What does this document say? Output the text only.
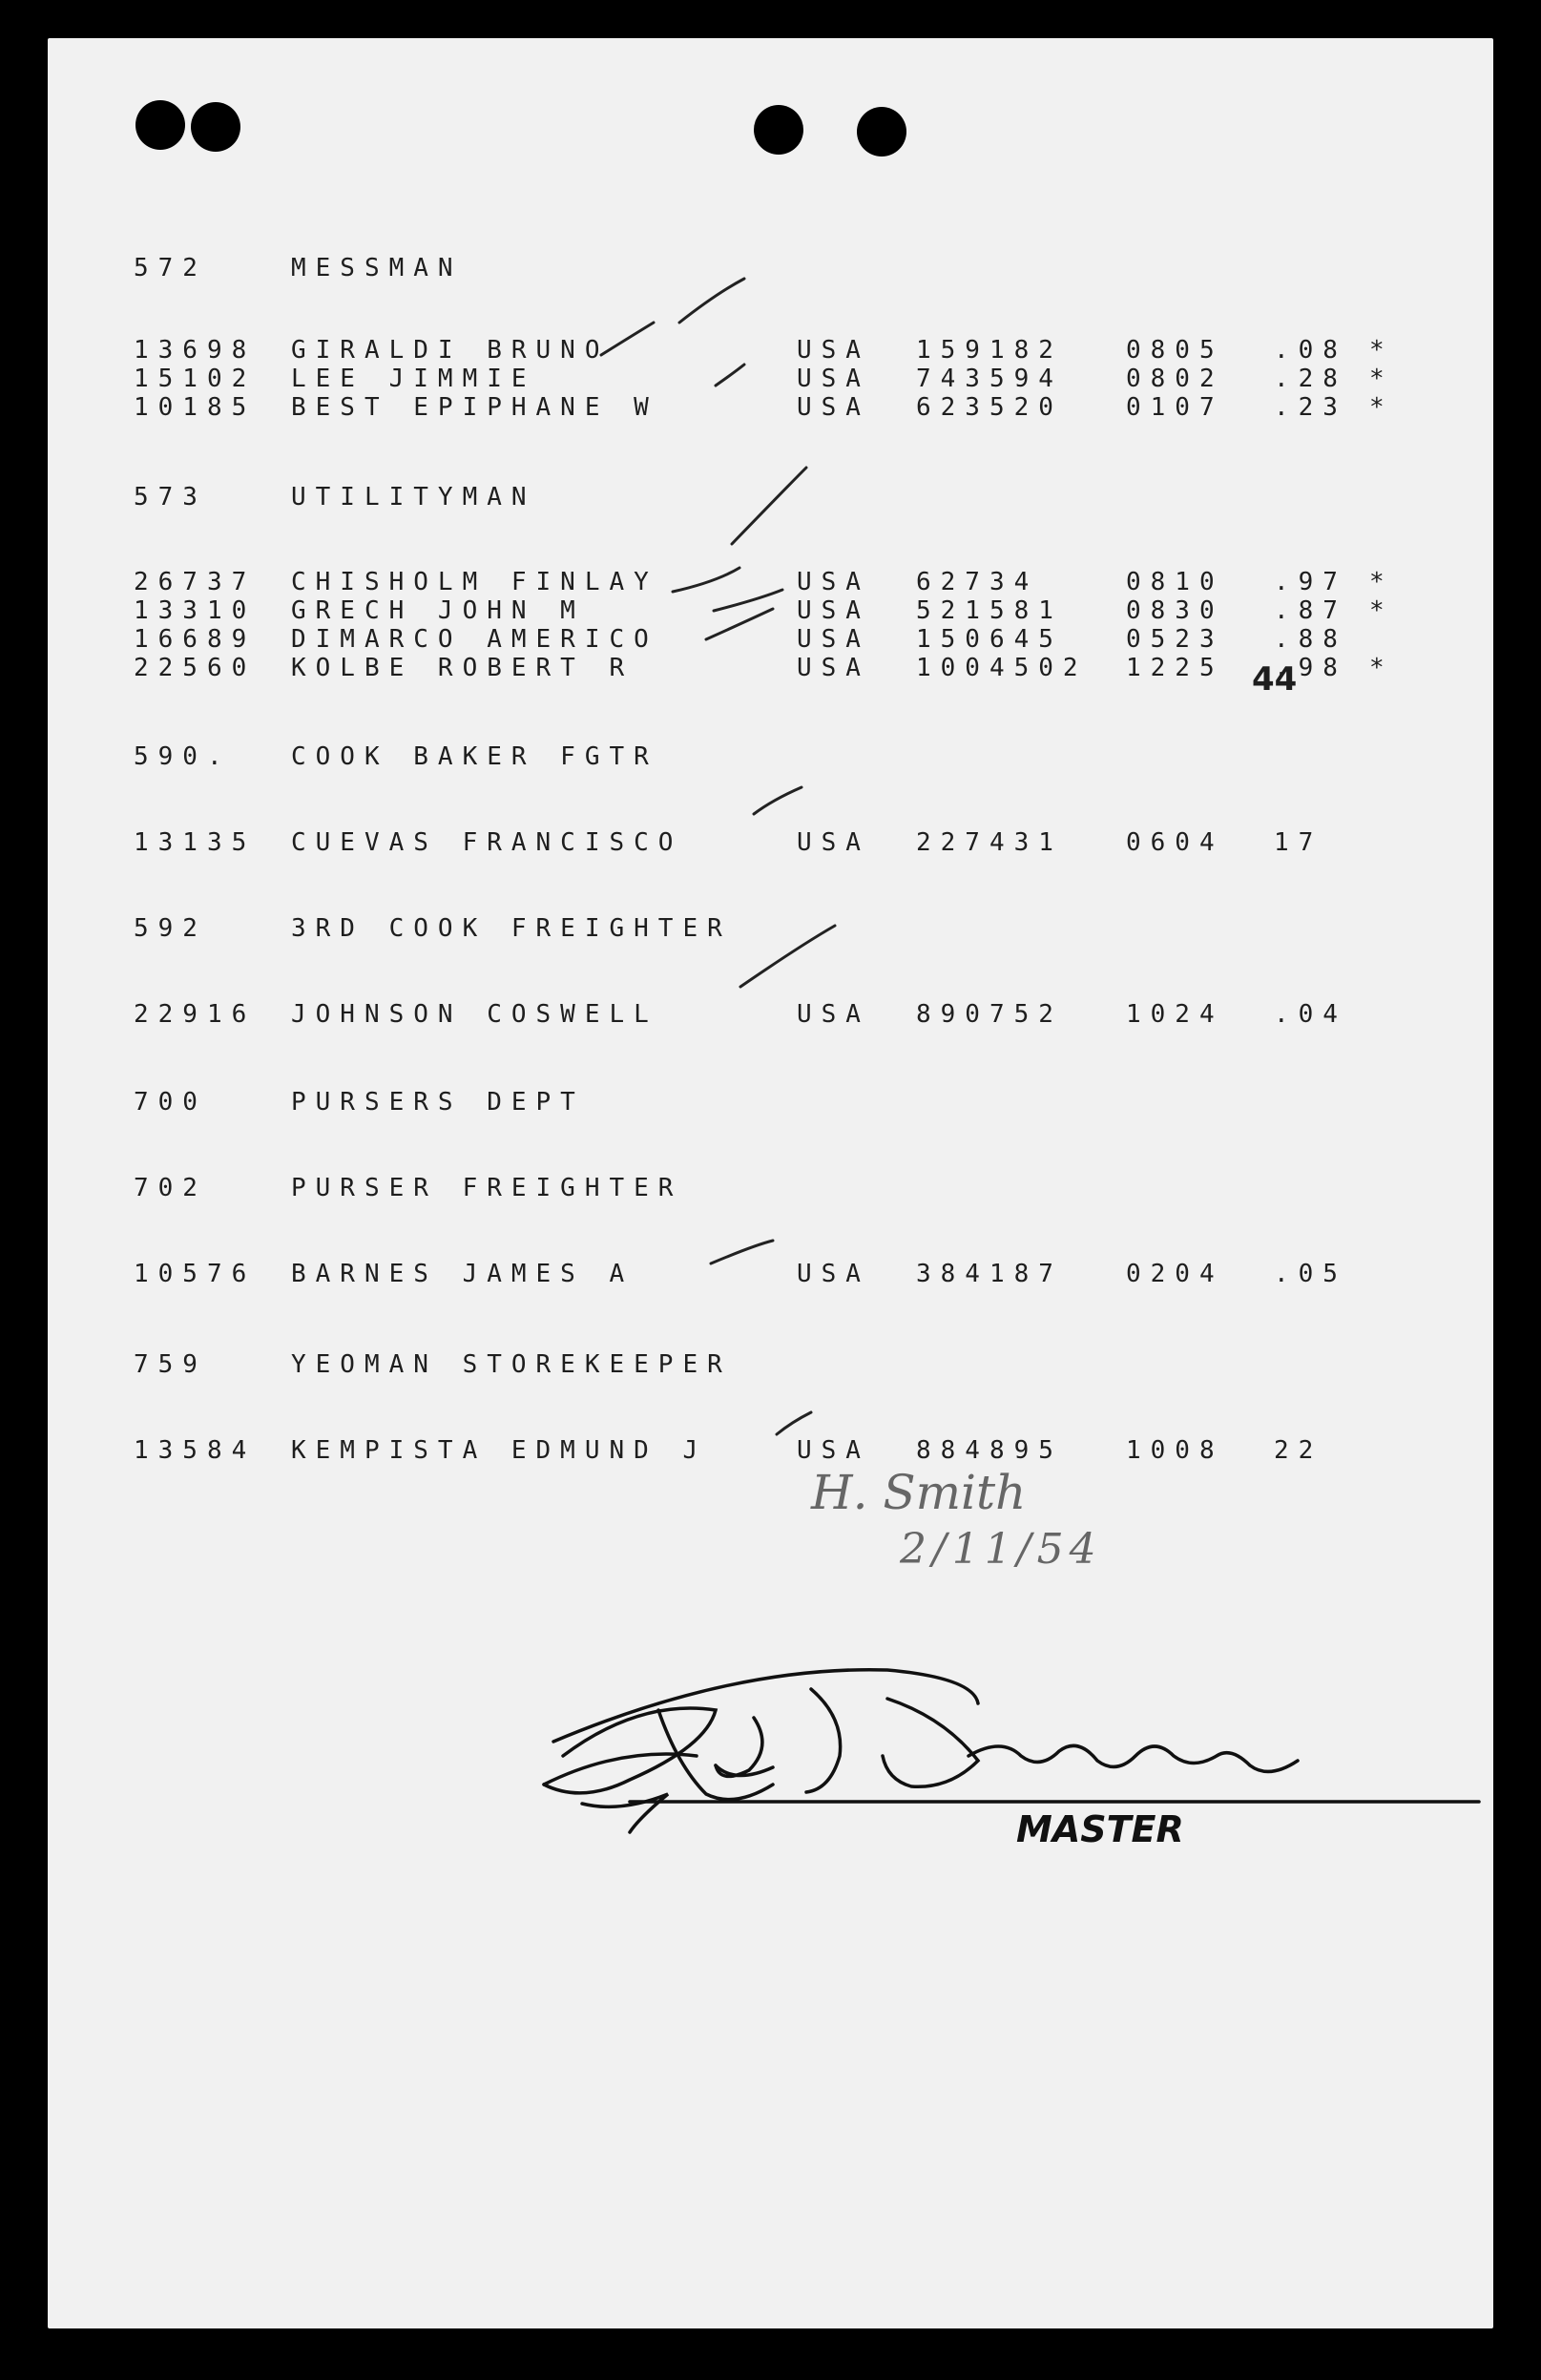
44
572	MESSMAN
13698 GIRALDI BRUNO	USA 159182	0805 .08 *
15102 LEE JIMMIE	USA 743594	0802 .28 *
10185 BEST EPIPHANE W	USA 623520	0107 .23 *
573	UTILITYMAN
26737 CHISHOLM FINLAY	USA 62734	0810 .97 *
13310 GRECH JOHN M	USA 521581	0830 .87 *
16689 DIMARCO AMERICO	USA 150645	0523 .88
22560 KOLBE ROBERT R	USA 1004502 1225 .98 *
590. COOK BAKER FGTR
13135 CUEVAS FRANCISCO	USA 227431	0604 17
592	3RD COOK FREIGHTER
22916 JOHNSON COSWELL	USA 890752	1024 .04
700	PURSERS DEPT
702	PURSER FREIGHTER
10576 BARNES JAMES A	USA 384187	0204 .05
759	YEOMAN STOREKEEPER
13584 KEMPISTA EDMUND J	USA 884895	1008 22
H. Smith
2/11/54
MASTER
